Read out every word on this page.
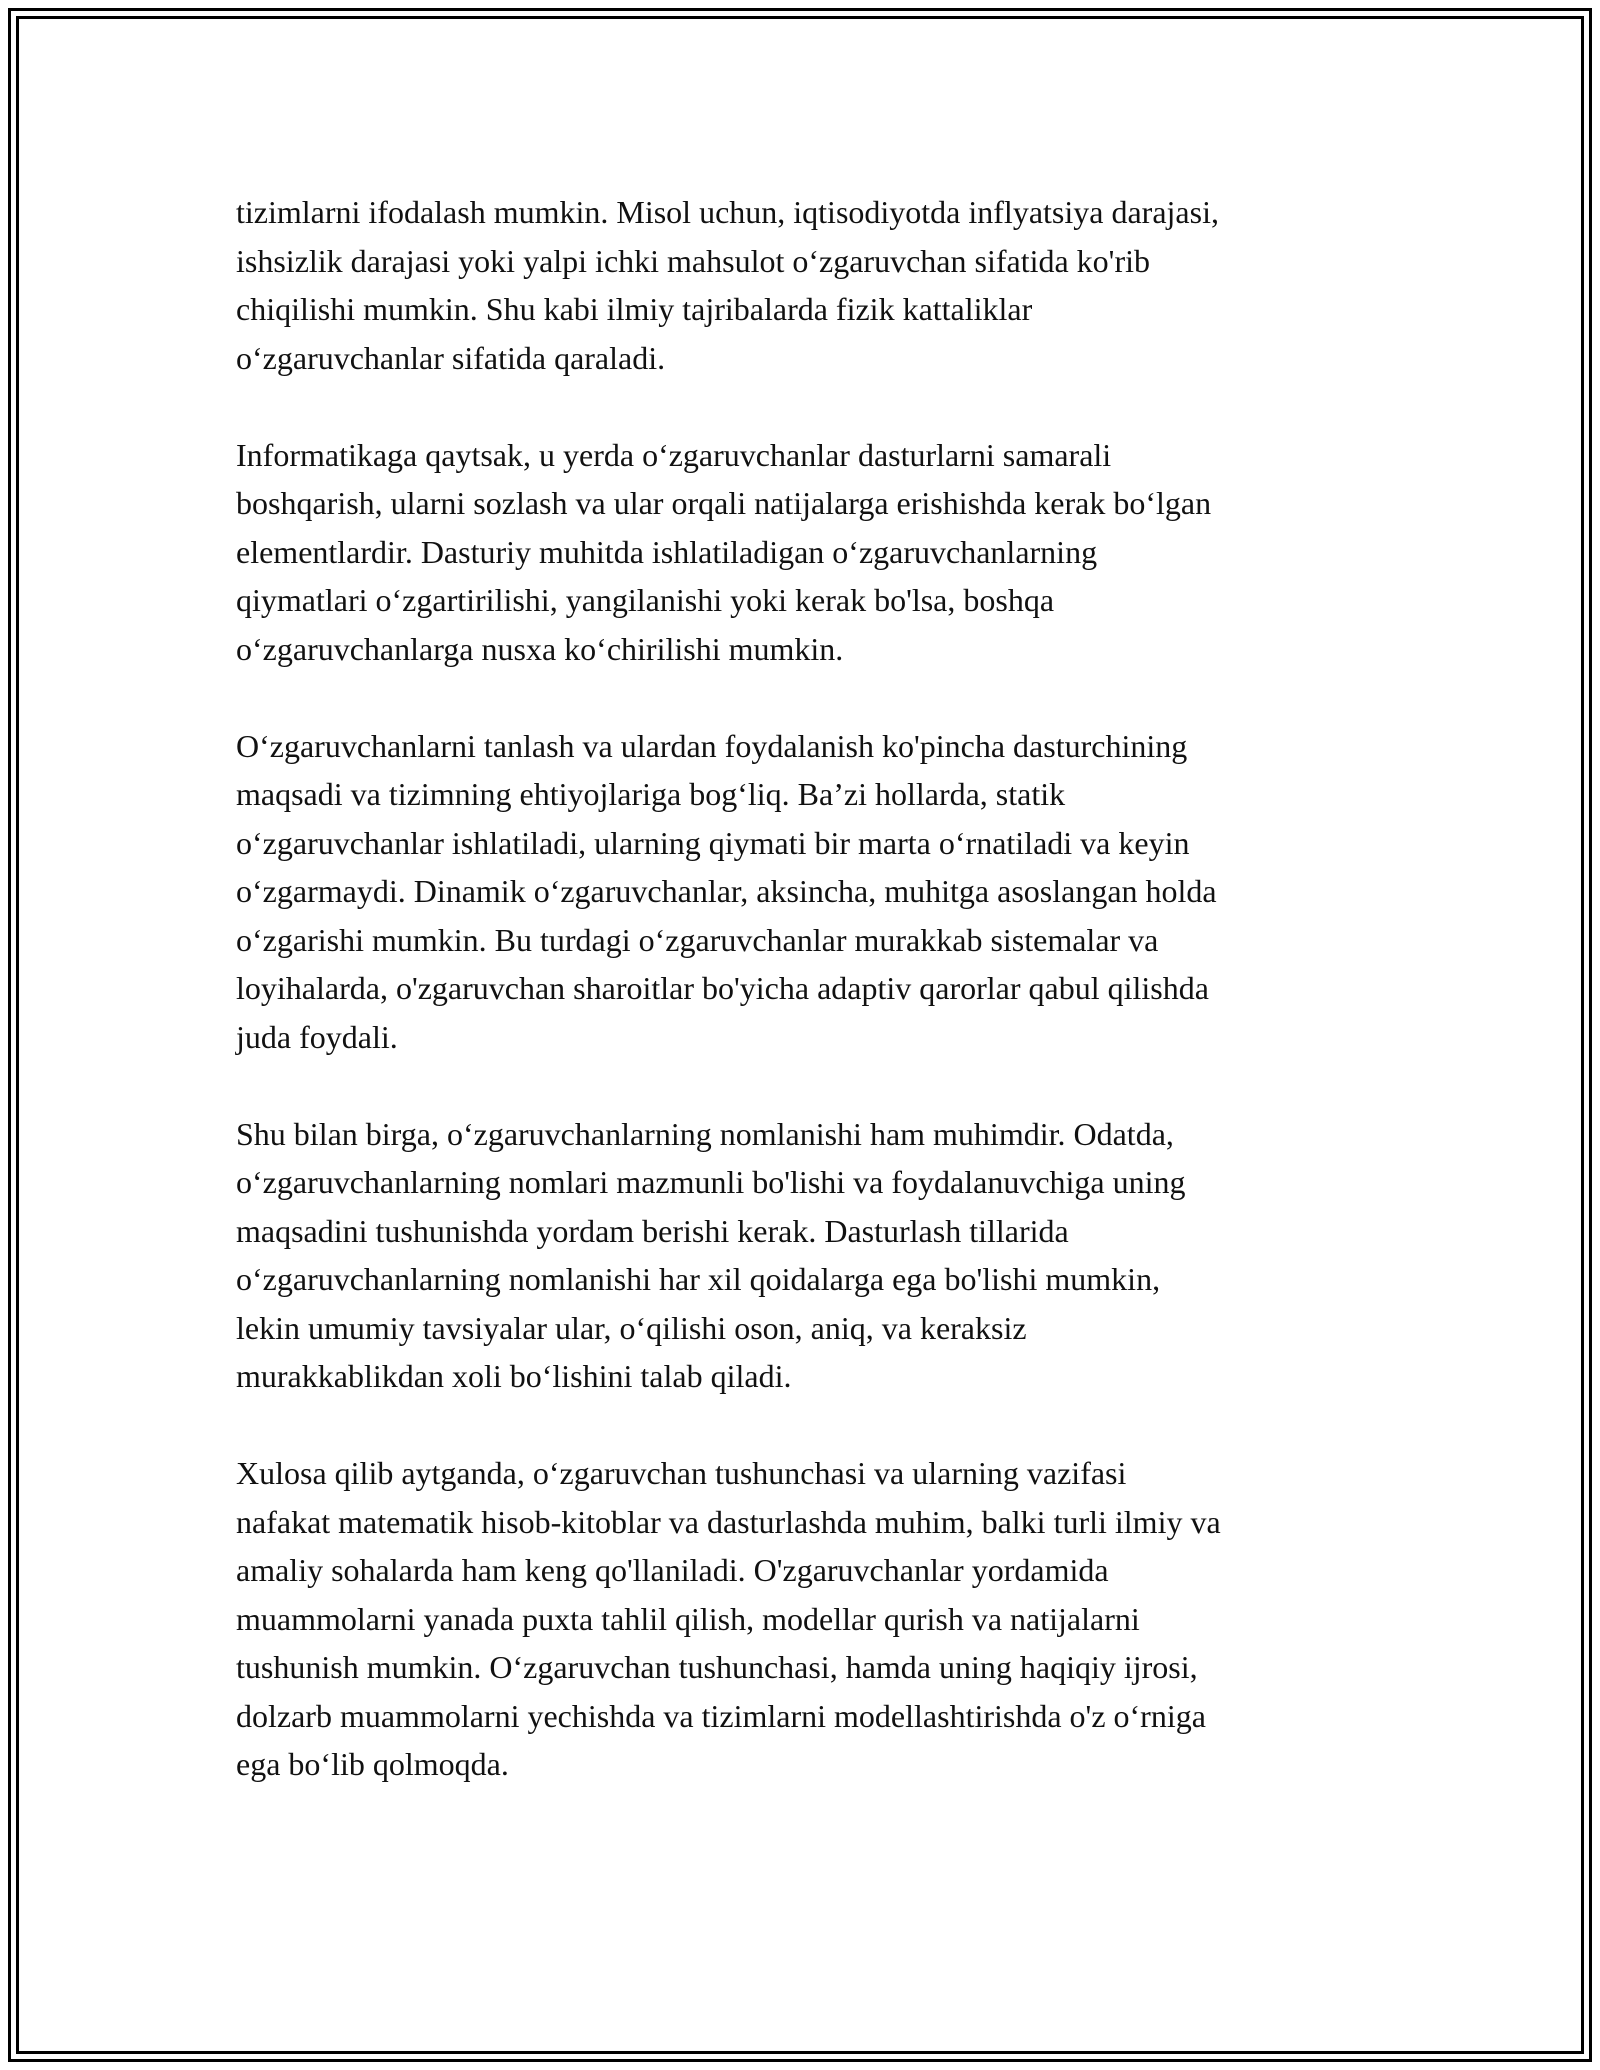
tizimlarni ifodalash mumkin. Misol uchun, iqtisodiyotda inflyatsiya darajasi,
ishsizlik darajasi yoki yalpi ichki mahsulot o‘zgaruvchan sifatida ko'rib
chiqilishi mumkin. Shu kabi ilmiy tajribalarda fizik kattaliklar
o‘zgaruvchanlar sifatida qaraladi.

Informatikaga qaytsak, u yerda o‘zgaruvchanlar dasturlarni samarali
boshqarish, ularni sozlash va ular orqali natijalarga erishishda kerak bo‘lgan
elementlardir. Dasturiy muhitda ishlatiladigan o‘zgaruvchanlarning
qiymatlari o‘zgartirilishi, yangilanishi yoki kerak bo'lsa, boshqa
o‘zgaruvchanlarga nusxa ko‘chirilishi mumkin.

O‘zgaruvchanlarni tanlash va ulardan foydalanish ko'pincha dasturchining
maqsadi va tizimning ehtiyojlariga bog‘liq. Ba’zi hollarda, statik
o‘zgaruvchanlar ishlatiladi, ularning qiymati bir marta o‘rnatiladi va keyin
o‘zgarmaydi. Dinamik o‘zgaruvchanlar, aksincha, muhitga asoslangan holda
o‘zgarishi mumkin. Bu turdagi o‘zgaruvchanlar murakkab sistemalar va
loyihalarda, o'zgaruvchan sharoitlar bo'yicha adaptiv qarorlar qabul qilishda
juda foydali.

Shu bilan birga, o‘zgaruvchanlarning nomlanishi ham muhimdir. Odatda,
o‘zgaruvchanlarning nomlari mazmunli bo'lishi va foydalanuvchiga uning
maqsadini tushunishda yordam berishi kerak. Dasturlash tillarida
o‘zgaruvchanlarning nomlanishi har xil qoidalarga ega bo'lishi mumkin,
lekin umumiy tavsiyalar ular, o‘qilishi oson, aniq, va keraksiz
murakkablikdan xoli bo‘lishini talab qiladi.

Xulosa qilib aytganda, o‘zgaruvchan tushunchasi va ularning vazifasi
nafakat matematik hisob-kitoblar va dasturlashda muhim, balki turli ilmiy va
amaliy sohalarda ham keng qo'llaniladi. O'zgaruvchanlar yordamida
muammolarni yanada puxta tahlil qilish, modellar qurish va natijalarni
tushunish mumkin. O‘zgaruvchan tushunchasi, hamda uning haqiqiy ijrosi,
dolzarb muammolarni yechishda va tizimlarni modellashtirishda o'z o‘rniga
ega bo‘lib qolmoqda.
